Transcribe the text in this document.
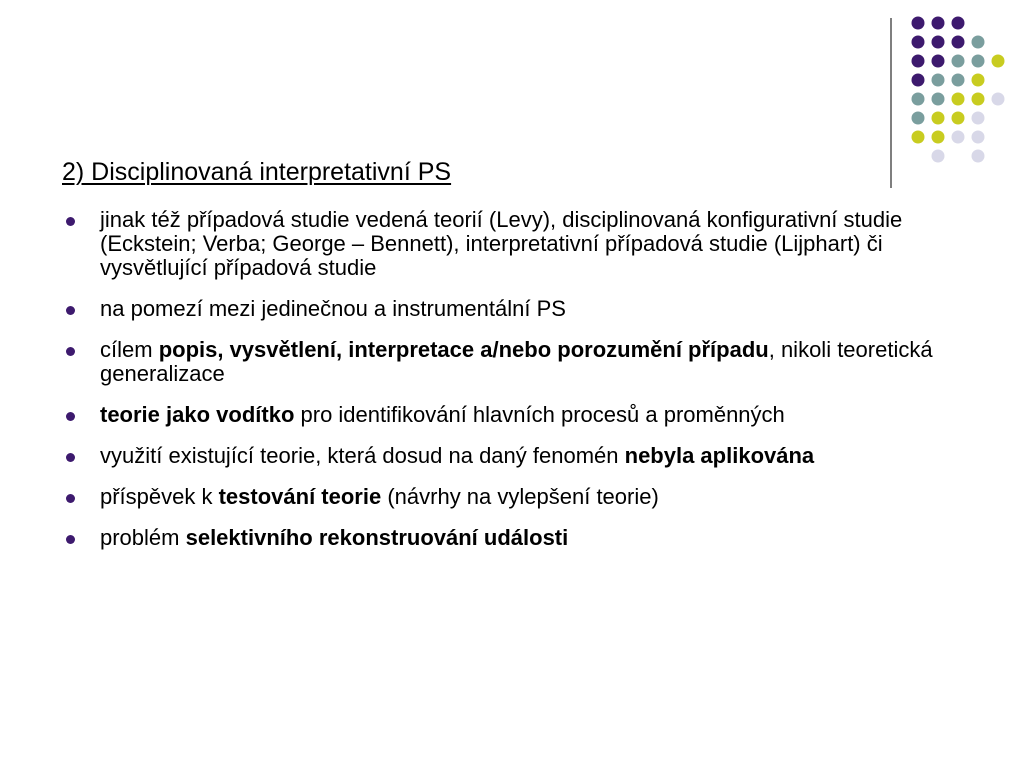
2) Disciplinovaná interpretativní PS
jinak též případová studie vedená teorií (Levy), disciplinovaná konfigurativní studie (Eckstein; Verba; George – Bennett), interpretativní případová studie (Lijphart) či vysvětlující případová studie
na pomezí mezi jedinečnou a instrumentální PS
cílem popis, vysvětlení, interpretace a/nebo porozumění případu, nikoli teoretická generalizace
teorie jako vodítko pro identifikování hlavních procesů a proměnných
využití existující teorie, která dosud na daný fenomén nebyla aplikována
příspěvek k testování teorie (návrhy na vylepšení teorie)
problém selektivního rekonstruování události
